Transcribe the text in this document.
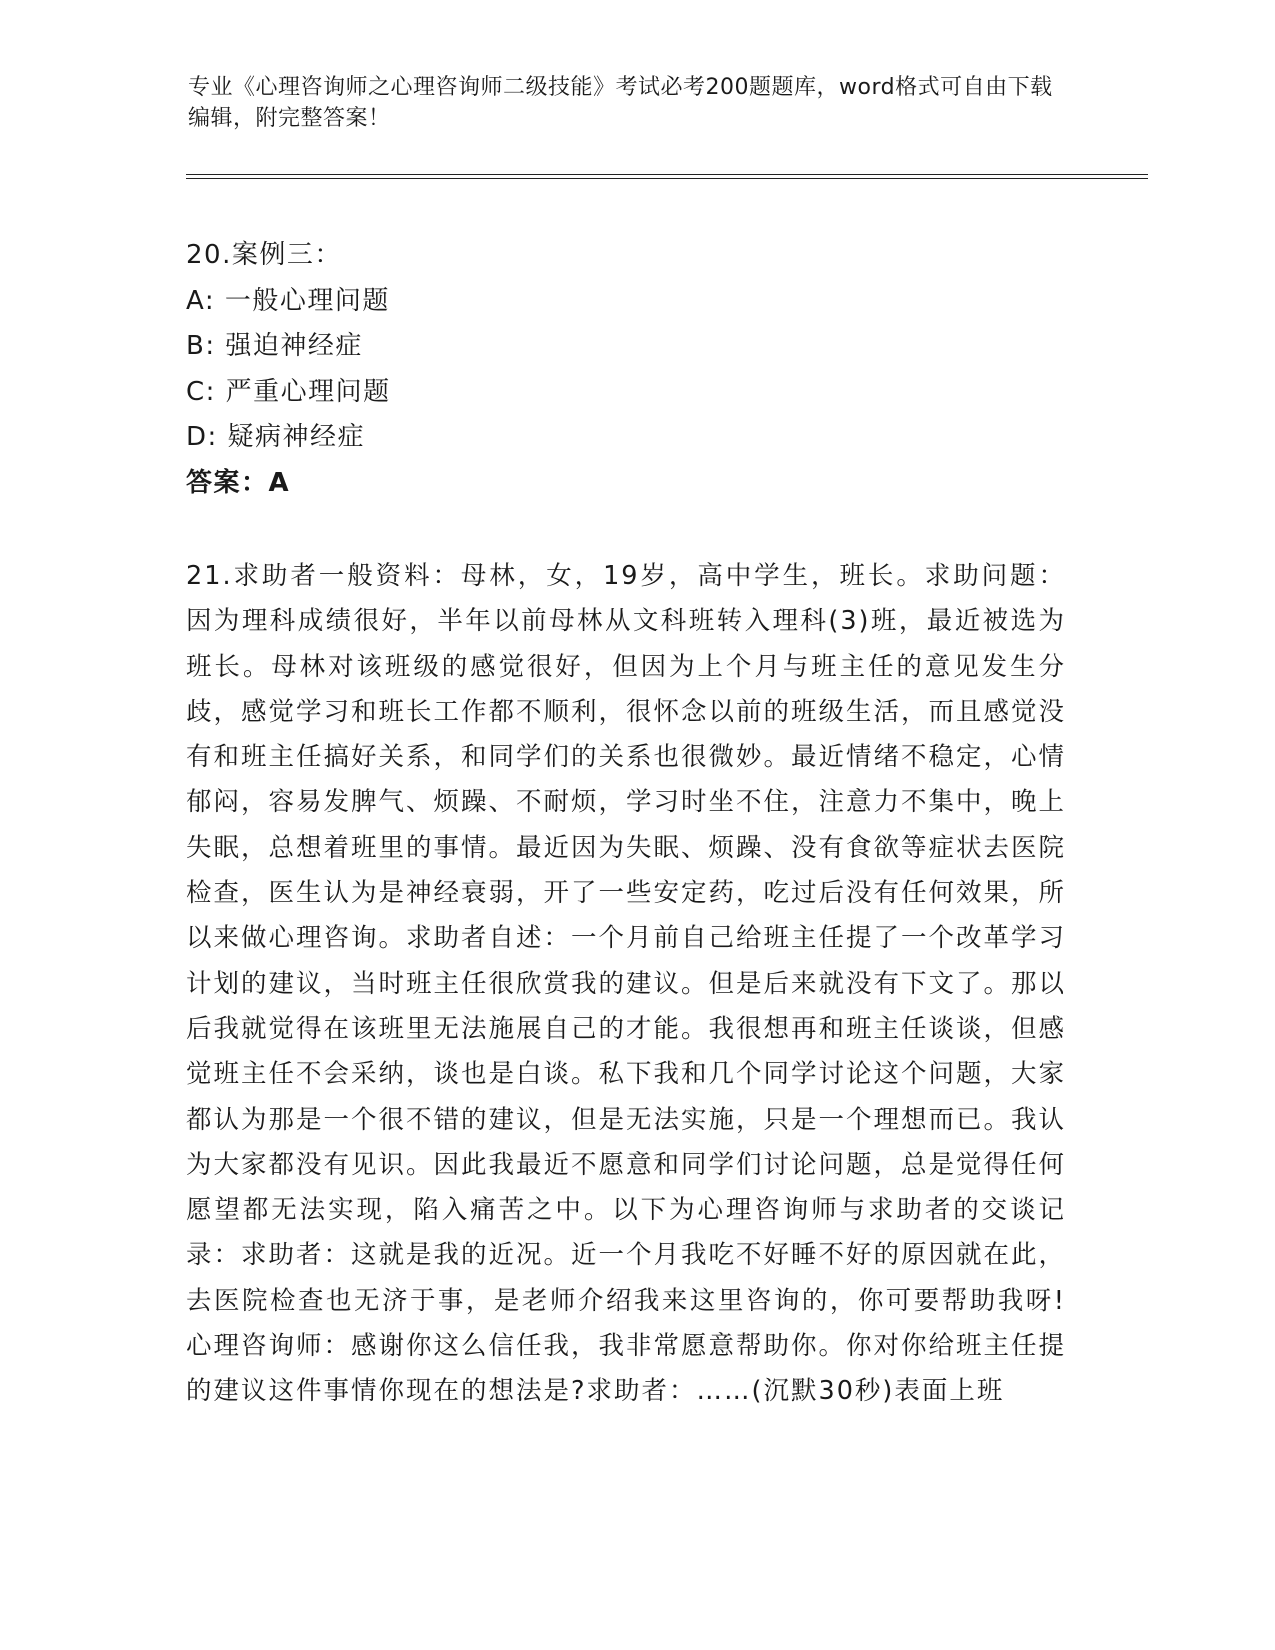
专业《心理咨询师之心理咨询师二级技能》考试必考200题题库，word格式可自由下载编辑，附完整答案！
20.案例三：
A: 一般心理问题
B: 强迫神经症
C: 严重心理问题
D: 疑病神经症
答案：A
21.求助者一般资料：母林，女，19岁，高中学生，班长。求助问题：因为理科成绩很好，半年以前母林从文科班转入理科(3)班，最近被选为班长。母林对该班级的感觉很好，但因为上个月与班主任的意见发生分歧，感觉学习和班长工作都不顺利，很怀念以前的班级生活，而且感觉没有和班主任搞好关系，和同学们的关系也很微妙。最近情绪不稳定，心情郁闷，容易发脾气、烦躁、不耐烦，学习时坐不住，注意力不集中，晚上失眠，总想着班里的事情。最近因为失眠、烦躁、没有食欲等症状去医院检查，医生认为是神经衰弱，开了一些安定药，吃过后没有任何效果，所以来做心理咨询。求助者自述：一个月前自己给班主任提了一个改革学习计划的建议，当时班主任很欣赏我的建议。但是后来就没有下文了。那以后我就觉得在该班里无法施展自己的才能。我很想再和班主任谈谈，但感觉班主任不会采纳，谈也是白谈。私下我和几个同学讨论这个问题，大家都认为那是一个很不错的建议，但是无法实施，只是一个理想而已。我认为大家都没有见识。因此我最近不愿意和同学们讨论问题，总是觉得任何愿望都无法实现，陷入痛苦之中。以下为心理咨询师与求助者的交谈记录：求助者：这就是我的近况。近一个月我吃不好睡不好的原因就在此，去医院检查也无济于事，是老师介绍我来这里咨询的，你可要帮助我呀!心理咨询师：感谢你这么信任我，我非常愿意帮助你。你对你给班主任提的建议这件事情你现在的想法是?求助者：……(沉默30秒)表面上班
